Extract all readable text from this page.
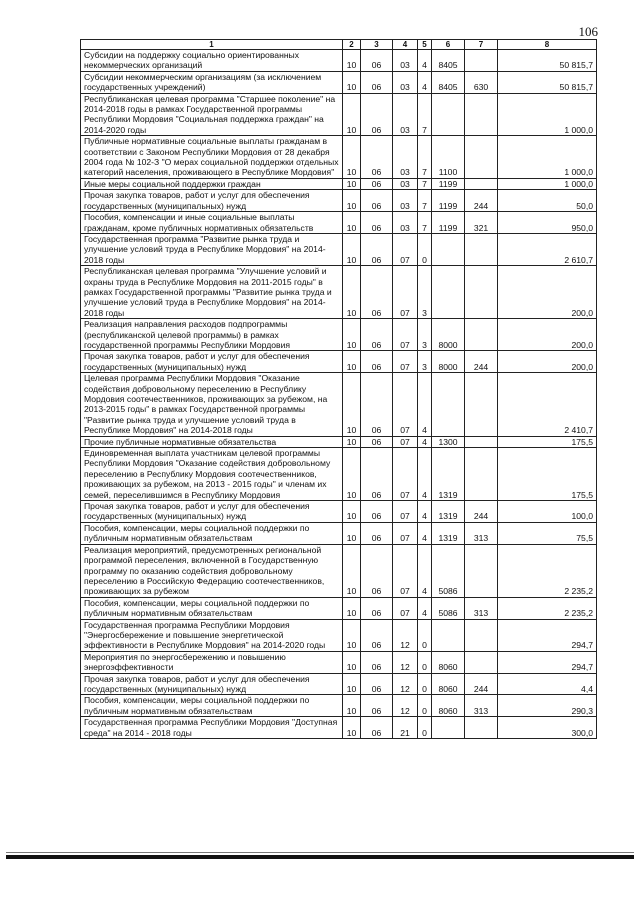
106
1	2	3	4	5	6	7	8
Субсидии на поддержку социально ориентированных некоммерческих организаций	10	06	03	4	8405		50 815,7
Субсидии некоммерческим организациям (за исключением государственных учреждений)	10	06	03	4	8405	630	50 815,7
Республиканская целевая программа "Старшее поколение" на 2014-2018 годы в рамках Государственной программы Республики Мордовия "Социальная поддержка граждан" на 2014-2020 годы	10	06	03	7			1 000,0
Публичные нормативные социальные выплаты гражданам в соответствии с Законом Республики Мордовия от 28 декабря 2004 года № 102-З "О мерах социальной поддержки отдельных категорий населения, проживающего в Республике Мордовия"	10	06	03	7	1100		1 000,0
Иные меры социальной поддержки граждан	10	06	03	7	1199		1 000,0
Прочая закупка товаров, работ и услуг для обеспечения государственных (муниципальных) нужд	10	06	03	7	1199	244	50,0
Пособия, компенсации и иные социальные выплаты гражданам, кроме публичных нормативных обязательств	10	06	03	7	1199	321	950,0
Государственная программа "Развитие рынка труда и улучшение условий труда в Республике Мордовия" на 2014-2018 годы	10	06	07	0			2 610,7
Республиканская целевая программа "Улучшение условий и охраны труда в Республике Мордовия на 2011-2015 годы" в рамках Государственной программы "Развитие рынка труда и улучшение условий труда в Республике Мордовия" на 2014-2018 годы	10	06	07	3			200,0
Реализация направления расходов подпрограммы (республиканской целевой программы) в рамках государственной программы Республики Мордовия	10	06	07	3	8000		200,0
Прочая закупка товаров, работ и услуг для обеспечения государственных (муниципальных) нужд	10	06	07	3	8000	244	200,0
Целевая программа Республики Мордовия "Оказание содействия добровольному переселению в Республику Мордовия соотечественников, проживающих за рубежом, на 2013-2015 годы" в рамках Государственной программы "Развитие рынка труда и улучшение условий труда в Республике Мордовия" на 2014-2018 годы	10	06	07	4			2 410,7
Прочие публичные нормативные обязательства	10	06	07	4	1300		175,5
Единовременная выплата участникам целевой программы Республики Мордовия "Оказание содействия добровольному переселению в Республику Мордовия соотечественников, проживающих за рубежом, на 2013 - 2015 годы" и членам их семей, переселившимся в Республику Мордовия	10	06	07	4	1319		175,5
Прочая закупка товаров, работ и услуг для обеспечения государственных (муниципальных) нужд	10	06	07	4	1319	244	100,0
Пособия, компенсации, меры социальной поддержки по публичным нормативным обязательствам	10	06	07	4	1319	313	75,5
Реализация мероприятий, предусмотренных региональной программой переселения, включенной в Государственную программу по оказанию содействия добровольному переселению в Российскую Федерацию соотечественников, проживающих за рубежом	10	06	07	4	5086		2 235,2
Пособия, компенсации, меры социальной поддержки по публичным нормативным обязательствам	10	06	07	4	5086	313	2 235,2
Государственная программа Республики Мордовия "Энергосбережение и повышение энергетической эффективности в Республике Мордовия" на 2014-2020 годы	10	06	12	0			294,7
Мероприятия по энергосбережению и повышению энергоэффективности	10	06	12	0	8060		294,7
Прочая закупка товаров, работ и услуг для обеспечения государственных (муниципальных) нужд	10	06	12	0	8060	244	4,4
Пособия, компенсации, меры социальной поддержки по публичным нормативным обязательствам	10	06	12	0	8060	313	290,3
Государственная программа Республики Мордовия "Доступная среда" на 2014 - 2018 годы	10	06	21	0			300,0
